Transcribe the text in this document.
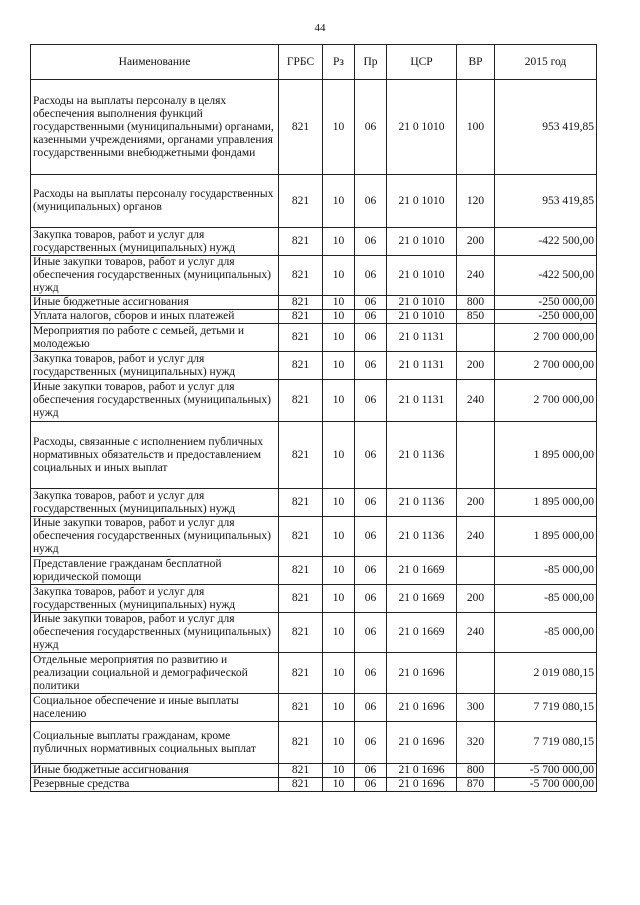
44
Наименование	ГРБС	Рз	Пр	ЦСР	ВР	2015 год
Расходы на выплаты персоналу в целях обеспечения выполнения функций государственными (муниципальными) органами, казенными учреждениями, органами управления государственными внебюджетными фондами	821	10	06	21 0 1010	100	953 419,85
Расходы на выплаты персоналу государственных (муниципальных) органов	821	10	06	21 0 1010	120	953 419,85
Закупка товаров, работ и услуг для государственных (муниципальных) нужд	821	10	06	21 0 1010	200	-422 500,00
Иные закупки товаров, работ и услуг для обеспечения государственных (муниципальных) нужд	821	10	06	21 0 1010	240	-422 500,00
Иные бюджетные ассигнования	821	10	06	21 0 1010	800	-250 000,00
Уплата налогов, сборов и иных платежей	821	10	06	21 0 1010	850	-250 000,00
Мероприятия по работе с семьей, детьми и молодежью	821	10	06	21 0 1131		2 700 000,00
Закупка товаров, работ и услуг для государственных (муниципальных) нужд	821	10	06	21 0 1131	200	2 700 000,00
Иные закупки товаров, работ и услуг для обеспечения государственных (муниципальных) нужд	821	10	06	21 0 1131	240	2 700 000,00
Расходы, связанные с исполнением публичных нормативных обязательств и предоставлением социальных и иных выплат	821	10	06	21 0 1136		1 895 000,00
Закупка товаров, работ и услуг для государственных (муниципальных) нужд	821	10	06	21 0 1136	200	1 895 000,00
Иные закупки товаров, работ и услуг для обеспечения государственных (муниципальных) нужд	821	10	06	21 0 1136	240	1 895 000,00
Представление гражданам бесплатной юридической помощи	821	10	06	21 0 1669		-85 000,00
Закупка товаров, работ и услуг для государственных (муниципальных) нужд	821	10	06	21 0 1669	200	-85 000,00
Иные закупки товаров, работ и услуг для обеспечения государственных (муниципальных) нужд	821	10	06	21 0 1669	240	-85 000,00
Отдельные мероприятия по развитию и реализации социальной и демографической политики	821	10	06	21 0 1696		2 019 080,15
Социальное обеспечение и иные выплаты населению	821	10	06	21 0 1696	300	7 719 080,15
Социальные выплаты гражданам, кроме публичных нормативных социальных выплат	821	10	06	21 0 1696	320	7 719 080,15
Иные бюджетные ассигнования	821	10	06	21 0 1696	800	-5 700 000,00
Резервные средства	821	10	06	21 0 1696	870	-5 700 000,00
